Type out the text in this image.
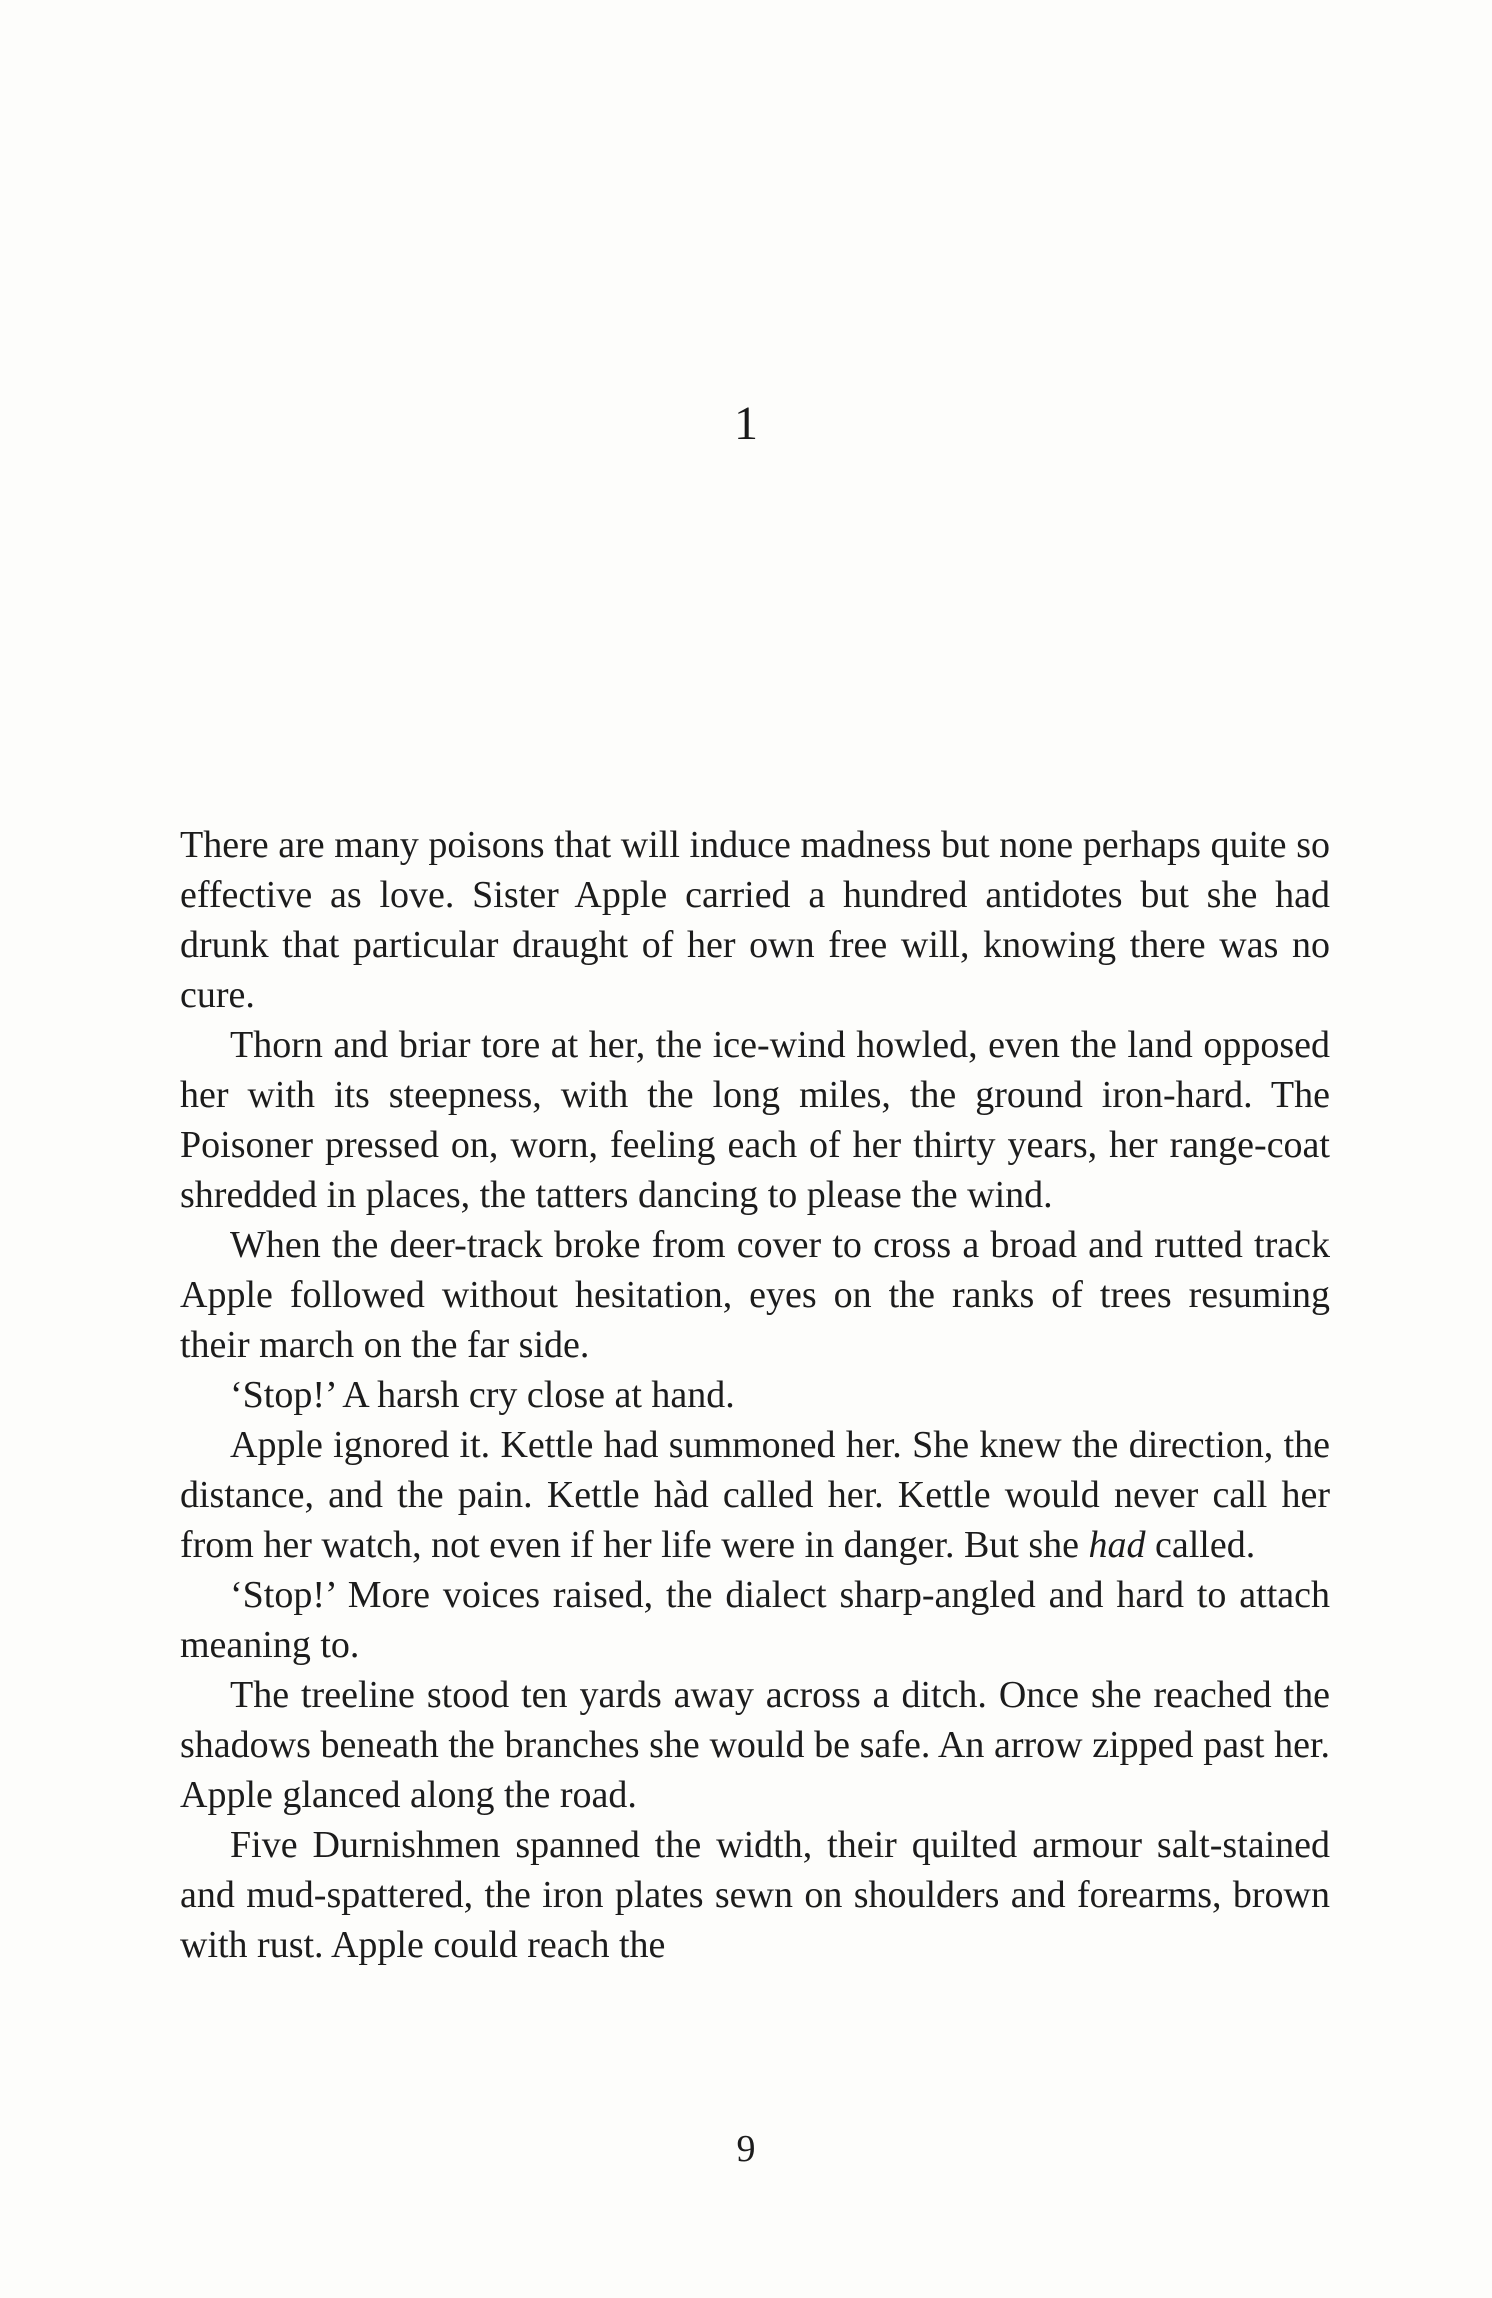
1

There are many poisons that will induce madness but none perhaps quite so effective as love. Sister Apple carried a hundred antidotes but she had drunk that particular draught of her own free will, knowing there was no cure.

Thorn and briar tore at her, the ice-wind howled, even the land opposed her with its steepness, with the long miles, the ground iron-hard. The Poisoner pressed on, worn, feeling each of her thirty years, her range-coat shredded in places, the tatters dancing to please the wind.

When the deer-track broke from cover to cross a broad and rutted track Apple followed without hesitation, eyes on the ranks of trees resuming their march on the far side.

‘Stop!’ A harsh cry close at hand.

Apple ignored it. Kettle had summoned her. She knew the direction, the distance, and the pain. Kettle hàd called her. Kettle would never call her from her watch, not even if her life were in danger. But she had called.

‘Stop!’ More voices raised, the dialect sharp-angled and hard to attach meaning to.

The treeline stood ten yards away across a ditch. Once she reached the shadows beneath the branches she would be safe. An arrow zipped past her. Apple glanced along the road.

Five Durnishmen spanned the width, their quilted armour salt-stained and mud-spattered, the iron plates sewn on shoulders and forearms, brown with rust. Apple could reach the

9
